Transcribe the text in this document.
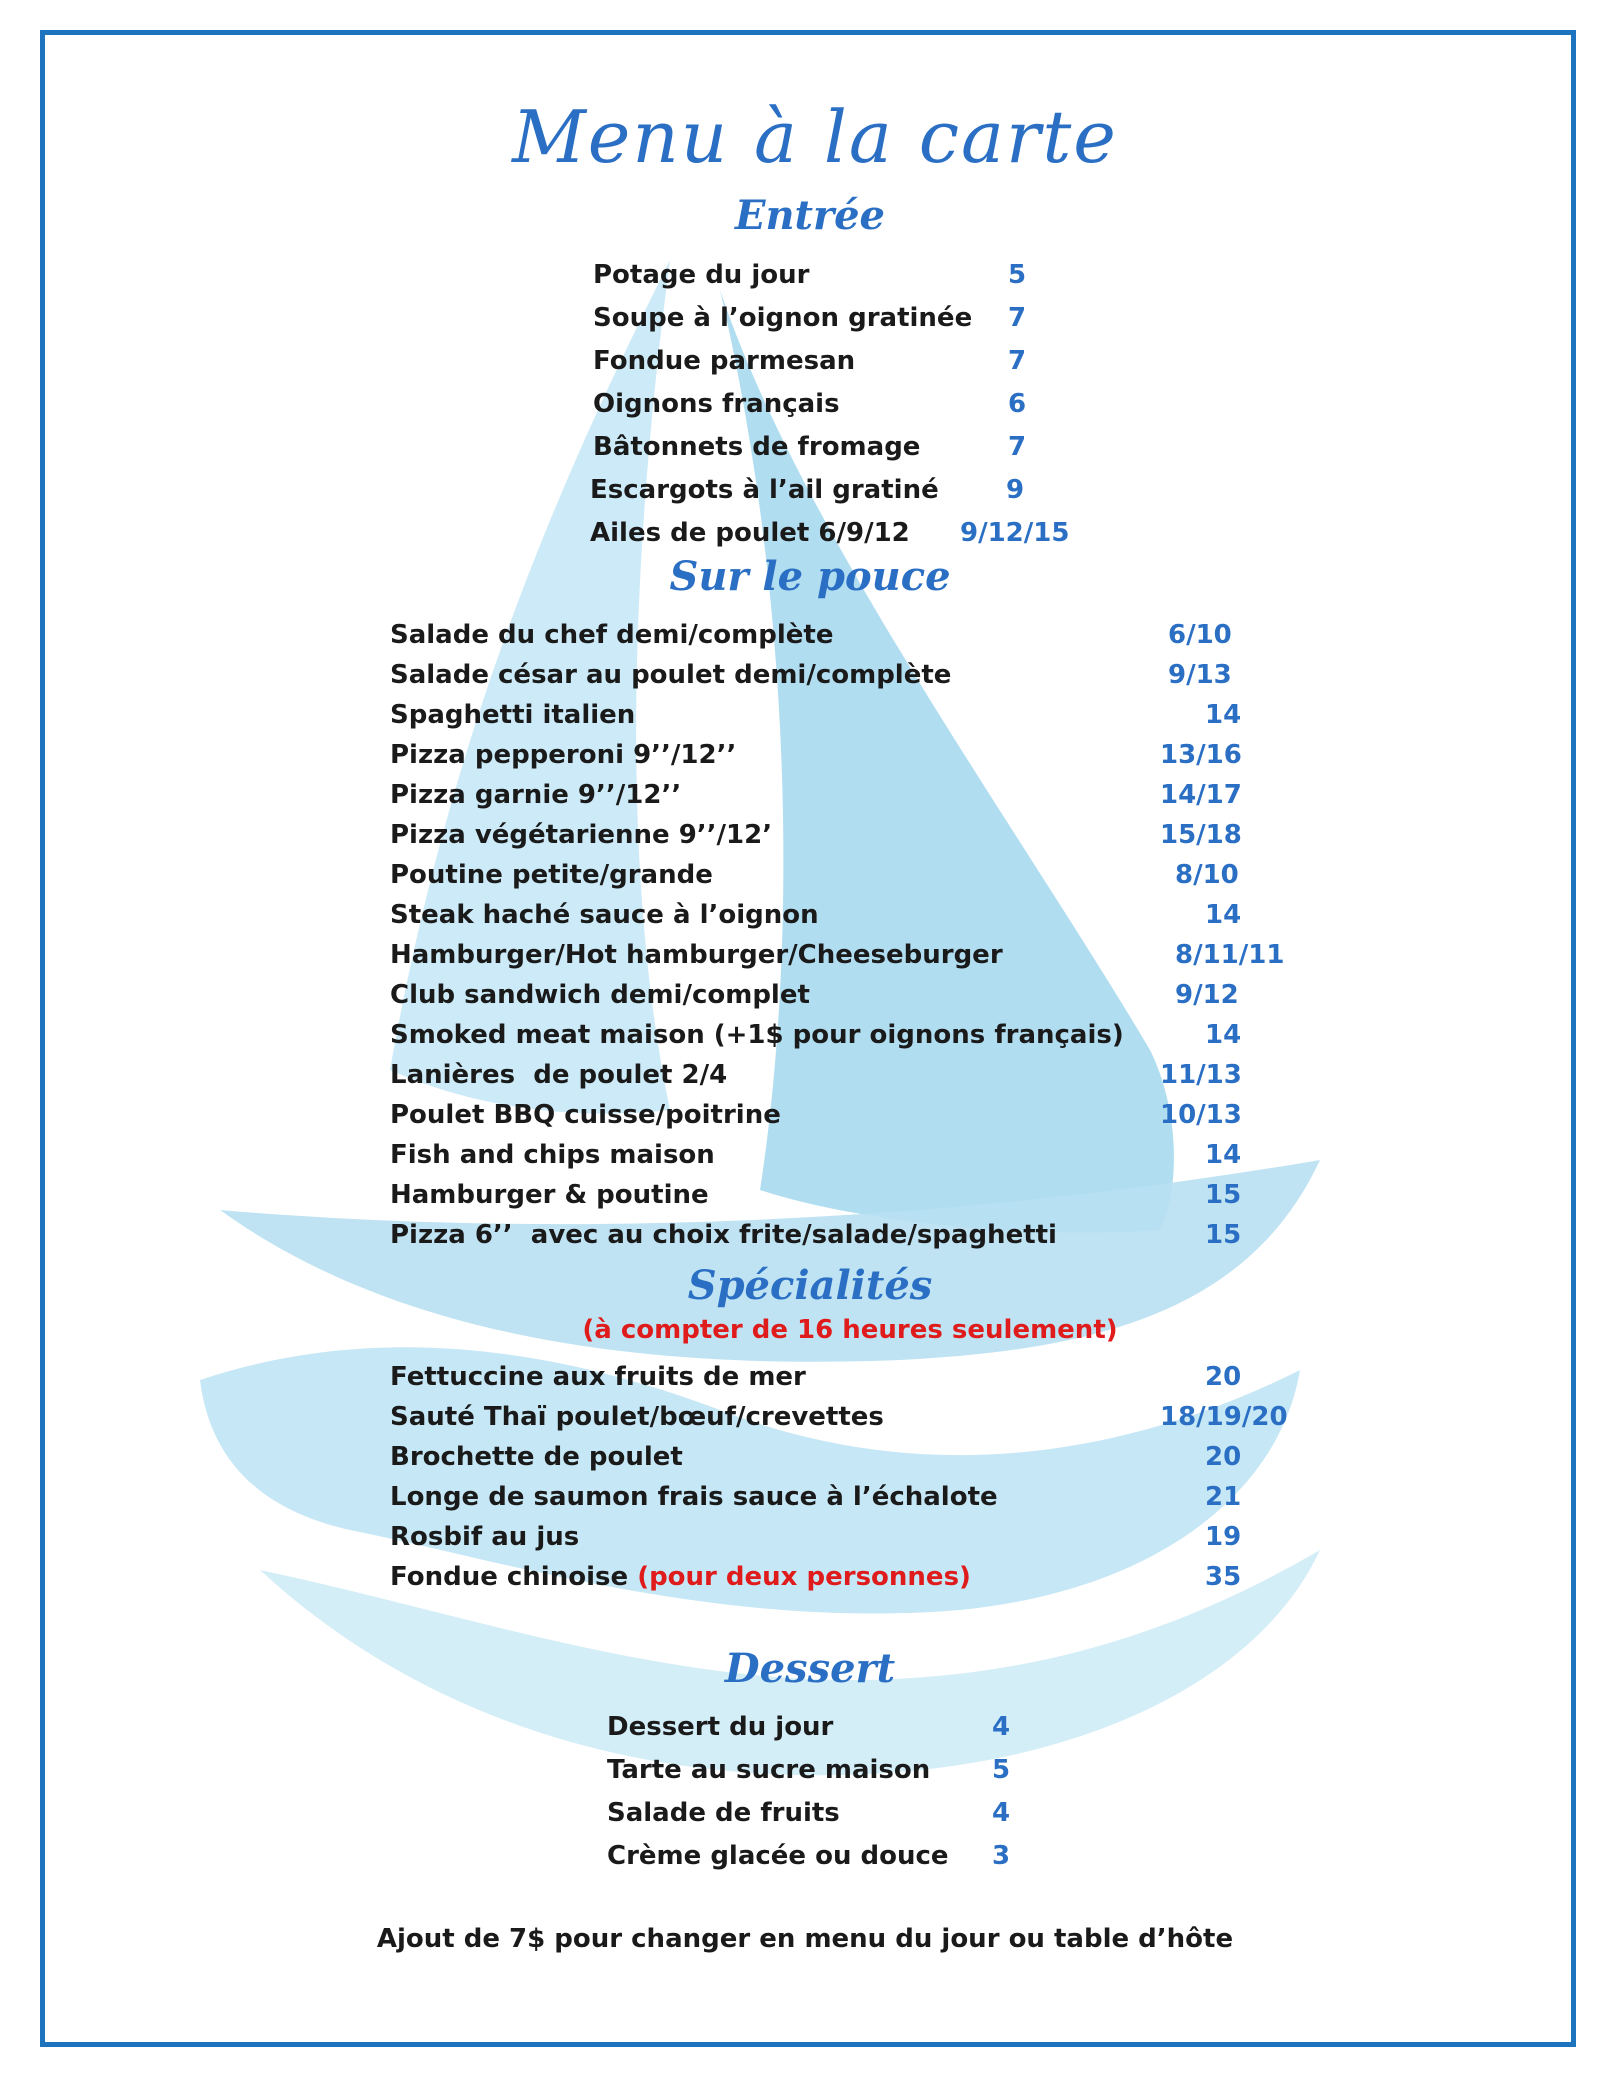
Menu à la carte
Entrée
Potage du jour	5
Soupe à l’oignon gratinée 7
Fondue parmesan	7
Oignons français	6
Bâtonnets de fromage	7
Escargots à l’ail gratiné	9
Ailes de poulet 6/9/12 9/12/15
Sur le pouce
Salade du chef demi/complète	6/10
Salade césar au poulet demi/complète	9/13
Spaghetti italien	14
Pizza pepperoni 9’’/12’’	13/16
Pizza garnie 9’’/12’’	14/17
Pizza végétarienne 9’’/12’	15/18
Poutine petite/grande	8/10
Steak haché sauce à l’oignon	14
Hamburger/Hot hamburger/Cheeseburger	8/11/11
Club sandwich demi/complet	9/12
Smoked meat maison (+1$ pour oignons français)	14
Lanières  de poulet 2/4	11/13
Poulet BBQ cuisse/poitrine	10/13
Fish and chips maison	14
Hamburger & poutine	15
Pizza 6’’  avec au choix frite/salade/spaghetti	15
Spécialités
(à compter de 16 heures seulement)
Fettuccine aux fruits de mer	20
Sauté Thaï poulet/bœuf/crevettes	18/19/20
Brochette de poulet	20
Longe de saumon frais sauce à l’échalote	21
Rosbif au jus	19
Fondue chinoise (pour deux personnes)	35
Dessert
Dessert du jour	4
Tarte au sucre maison 5
Salade de fruits	4
Crème glacée ou douce 3
Ajout de 7$ pour changer en menu du jour ou table d’hôte
